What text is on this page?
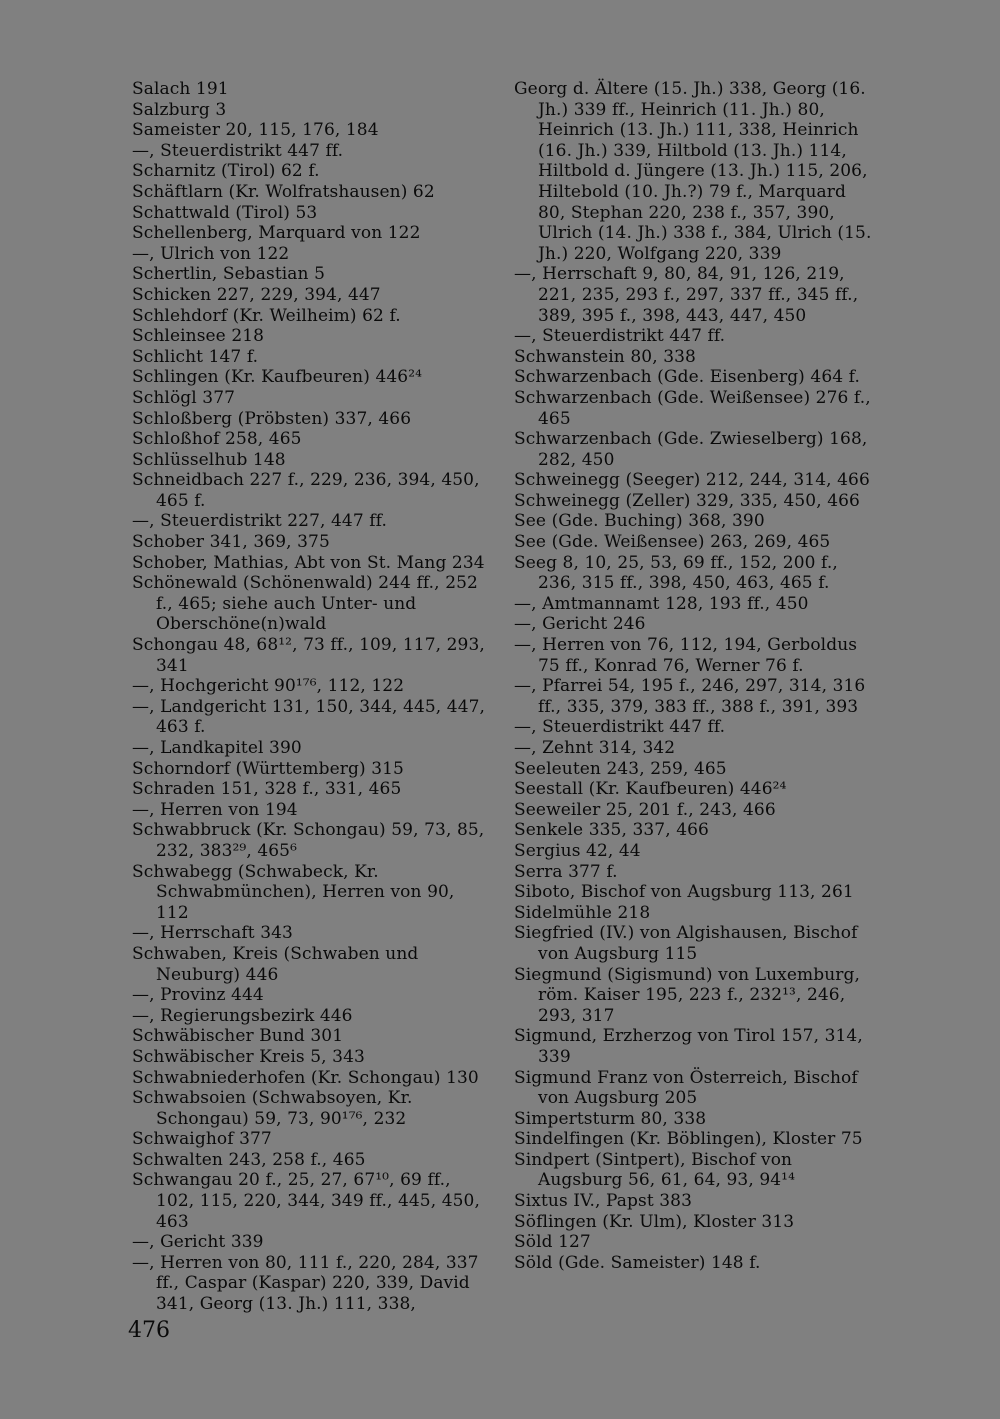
Salach 191
Salzburg 3
Sameister 20, 115, 176, 184
—, Steuerdistrikt 447 ff.
Scharnitz (Tirol) 62 f.
Schäftlarn (Kr. Wolfratshausen) 62
Schattwald (Tirol) 53
Schellenberg, Marquard von 122
—, Ulrich von 122
Schertlin, Sebastian 5
Schicken 227, 229, 394, 447
Schlehdorf (Kr. Weilheim) 62 f.
Schleinsee 218
Schlicht 147 f.
Schlingen (Kr. Kaufbeuren) 446²⁴
Schlögl 377
Schloßberg (Pröbsten) 337, 466
Schloßhof 258, 465
Schlüsselhub 148
Schneidbach 227 f., 229, 236, 394, 450, 465 f.
—, Steuerdistrikt 227, 447 ff.
Schober 341, 369, 375
Schober, Mathias, Abt von St. Mang 234
Schönewald (Schönenwald) 244 ff., 252 f., 465; siehe auch Unter- und Oberschöne(n)wald
Schongau 48, 68¹², 73 ff., 109, 117, 293, 341
—, Hochgericht 90¹⁷⁶, 112, 122
—, Landgericht 131, 150, 344, 445, 447, 463 f.
—, Landkapitel 390
Schorndorf (Württemberg) 315
Schraden 151, 328 f., 331, 465
—, Herren von 194
Schwabbruck (Kr. Schongau) 59, 73, 85, 232, 383²⁹, 465⁶
Schwabegg (Schwabeck, Kr. Schwabmünchen), Herren von 90, 112
—, Herrschaft 343
Schwaben, Kreis (Schwaben und Neuburg) 446
—, Provinz 444
—, Regierungsbezirk 446
Schwäbischer Bund 301
Schwäbischer Kreis 5, 343
Schwabniederhofen (Kr. Schongau) 130
Schwabsoien (Schwabsoyen, Kr. Schongau) 59, 73, 90¹⁷⁶, 232
Schwaighof 377
Schwalten 243, 258 f., 465
Schwangau 20 f., 25, 27, 67¹⁰, 69 ff., 102, 115, 220, 344, 349 ff., 445, 450, 463
—, Gericht 339
—, Herren von 80, 111 f., 220, 284, 337 ff., Caspar (Kaspar) 220, 339, David 341, Georg (13. Jh.) 111, 338,
Georg d. Ältere (15. Jh.) 338, Georg (16. Jh.) 339 ff., Heinrich (11. Jh.) 80, Heinrich (13. Jh.) 111, 338, Heinrich (16. Jh.) 339, Hiltbold (13. Jh.) 114, Hiltbold d. Jüngere (13. Jh.) 115, 206, Hiltebold (10. Jh.?) 79 f., Marquard 80, Stephan 220, 238 f., 357, 390, Ulrich (14. Jh.) 338 f., 384, Ulrich (15. Jh.) 220, Wolfgang 220, 339
—, Herrschaft 9, 80, 84, 91, 126, 219, 221, 235, 293 f., 297, 337 ff., 345 ff., 389, 395 f., 398, 443, 447, 450
—, Steuerdistrikt 447 ff.
Schwanstein 80, 338
Schwarzenbach (Gde. Eisenberg) 464 f.
Schwarzenbach (Gde. Weißensee) 276 f., 465
Schwarzenbach (Gde. Zwieselberg) 168, 282, 450
Schweinegg (Seeger) 212, 244, 314, 466
Schweinegg (Zeller) 329, 335, 450, 466
See (Gde. Buching) 368, 390
See (Gde. Weißensee) 263, 269, 465
Seeg 8, 10, 25, 53, 69 ff., 152, 200 f., 236, 315 ff., 398, 450, 463, 465 f.
—, Amtmannamt 128, 193 ff., 450
—, Gericht 246
—, Herren von 76, 112, 194, Gerboldus 75 ff., Konrad 76, Werner 76 f.
—, Pfarrei 54, 195 f., 246, 297, 314, 316 ff., 335, 379, 383 ff., 388 f., 391, 393
—, Steuerdistrikt 447 ff.
—, Zehnt 314, 342
Seeleuten 243, 259, 465
Seestall (Kr. Kaufbeuren) 446²⁴
Seeweiler 25, 201 f., 243, 466
Senkele 335, 337, 466
Sergius 42, 44
Serra 377 f.
Siboto, Bischof von Augsburg 113, 261
Sidelmühle 218
Siegfried (IV.) von Algishausen, Bischof von Augsburg 115
Siegmund (Sigismund) von Luxemburg, röm. Kaiser 195, 223 f., 232¹³, 246, 293, 317
Sigmund, Erzherzog von Tirol 157, 314, 339
Sigmund Franz von Österreich, Bischof von Augsburg 205
Simpertsturm 80, 338
Sindelfingen (Kr. Böblingen), Kloster 75
Sindpert (Sintpert), Bischof von Augsburg 56, 61, 64, 93, 94¹⁴
Sixtus IV., Papst 383
Söflingen (Kr. Ulm), Kloster 313
Söld 127
Söld (Gde. Sameister) 148 f.
476
